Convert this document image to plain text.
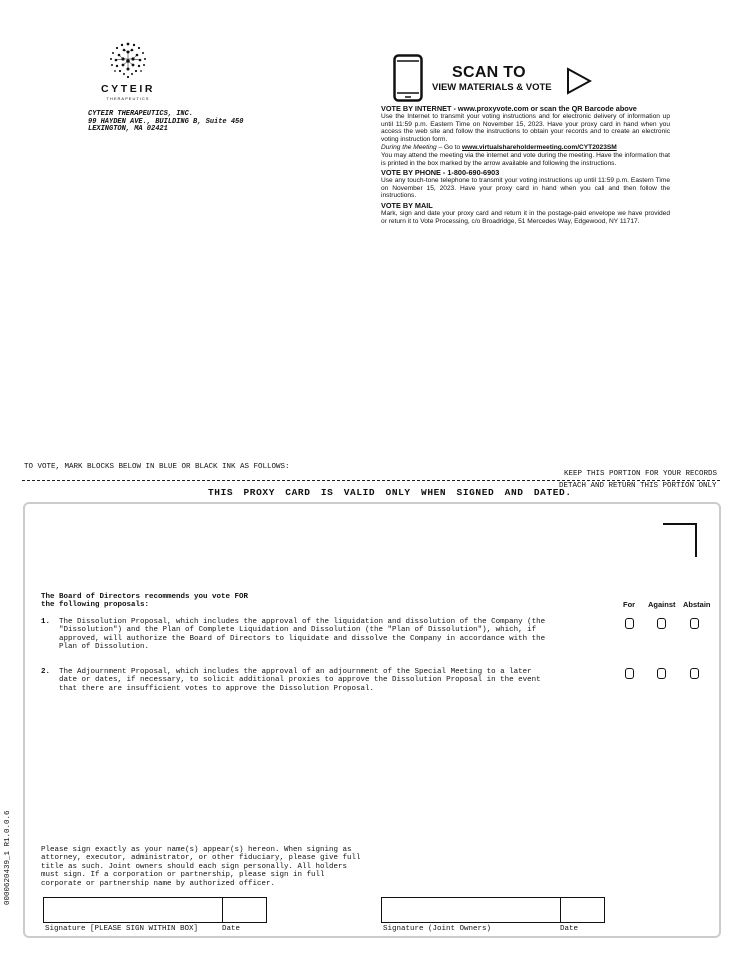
CYTEIR
THERAPEUTICS
CYTEIR THERAPEUTICS, INC.
99 HAYDEN AVE., BUILDING B, Suite 450
LEXINGTON, MA 02421
SCAN TO
VIEW MATERIALS & VOTE
VOTE BY INTERNET - www.proxyvote.com or scan the QR Barcode above
Use the Internet to transmit your voting instructions and for electronic delivery of information up until 11:59 p.m. Eastern Time on November 15, 2023. Have your proxy card in hand when you access the web site and follow the instructions to obtain your records and to create an electronic voting instruction form.
During the Meeting – Go to www.virtualshareholdermeeting.com/CYT2023SM
You may attend the meeting via the internet and vote during the meeting. Have the information that is printed in the box marked by the arrow available and following the instructions.
VOTE BY PHONE - 1-800-690-6903
Use any touch-tone telephone to transmit your voting instructions up until 11:59 p.m. Eastern Time on November 15, 2023. Have your proxy card in hand when you call and then follow the instructions.
VOTE BY MAIL
Mark, sign and date your proxy card and return it in the postage-paid envelope we have provided or return it to Vote Processing, c/o Broadridge, 51 Mercedes Way, Edgewood, NY 11717.
TO VOTE, MARK BLOCKS BELOW IN BLUE OR BLACK INK AS FOLLOWS:
KEEP THIS PORTION FOR YOUR RECORDS
THIS PROXY CARD IS VALID ONLY WHEN SIGNED AND DATED.
DETACH AND RETURN THIS PORTION ONLY
The Board of Directors recommends you vote FOR
the following proposals:	For Against Abstain
1. The Dissolution Proposal, which includes the approval of the liquidation and dissolution of the Company (the "Dissolution") and the Plan of Complete Liquidation and Dissolution (the "Plan of Dissolution"), which, if approved, will authorize the Board of Directors to liquidate and dissolve the Company in accordance with the Plan of Dissolution.
2. The Adjournment Proposal, which includes the approval of an adjournment of the Special Meeting to a later date or dates, if necessary, to solicit additional proxies to approve the Dissolution Proposal in the event that there are insufficient votes to approve the Dissolution Proposal.
Please sign exactly as your name(s) appear(s) hereon. When signing as attorney, executor, administrator, or other fiduciary, please give full title as such. Joint owners should each sign personally. All holders must sign. If a corporation or partnership, please sign in full corporate or partnership name by authorized officer.
Signature [PLEASE SIGN WITHIN BOX]	Date	Signature (Joint Owners)	Date
0000620439_1 R1.0.0.6
